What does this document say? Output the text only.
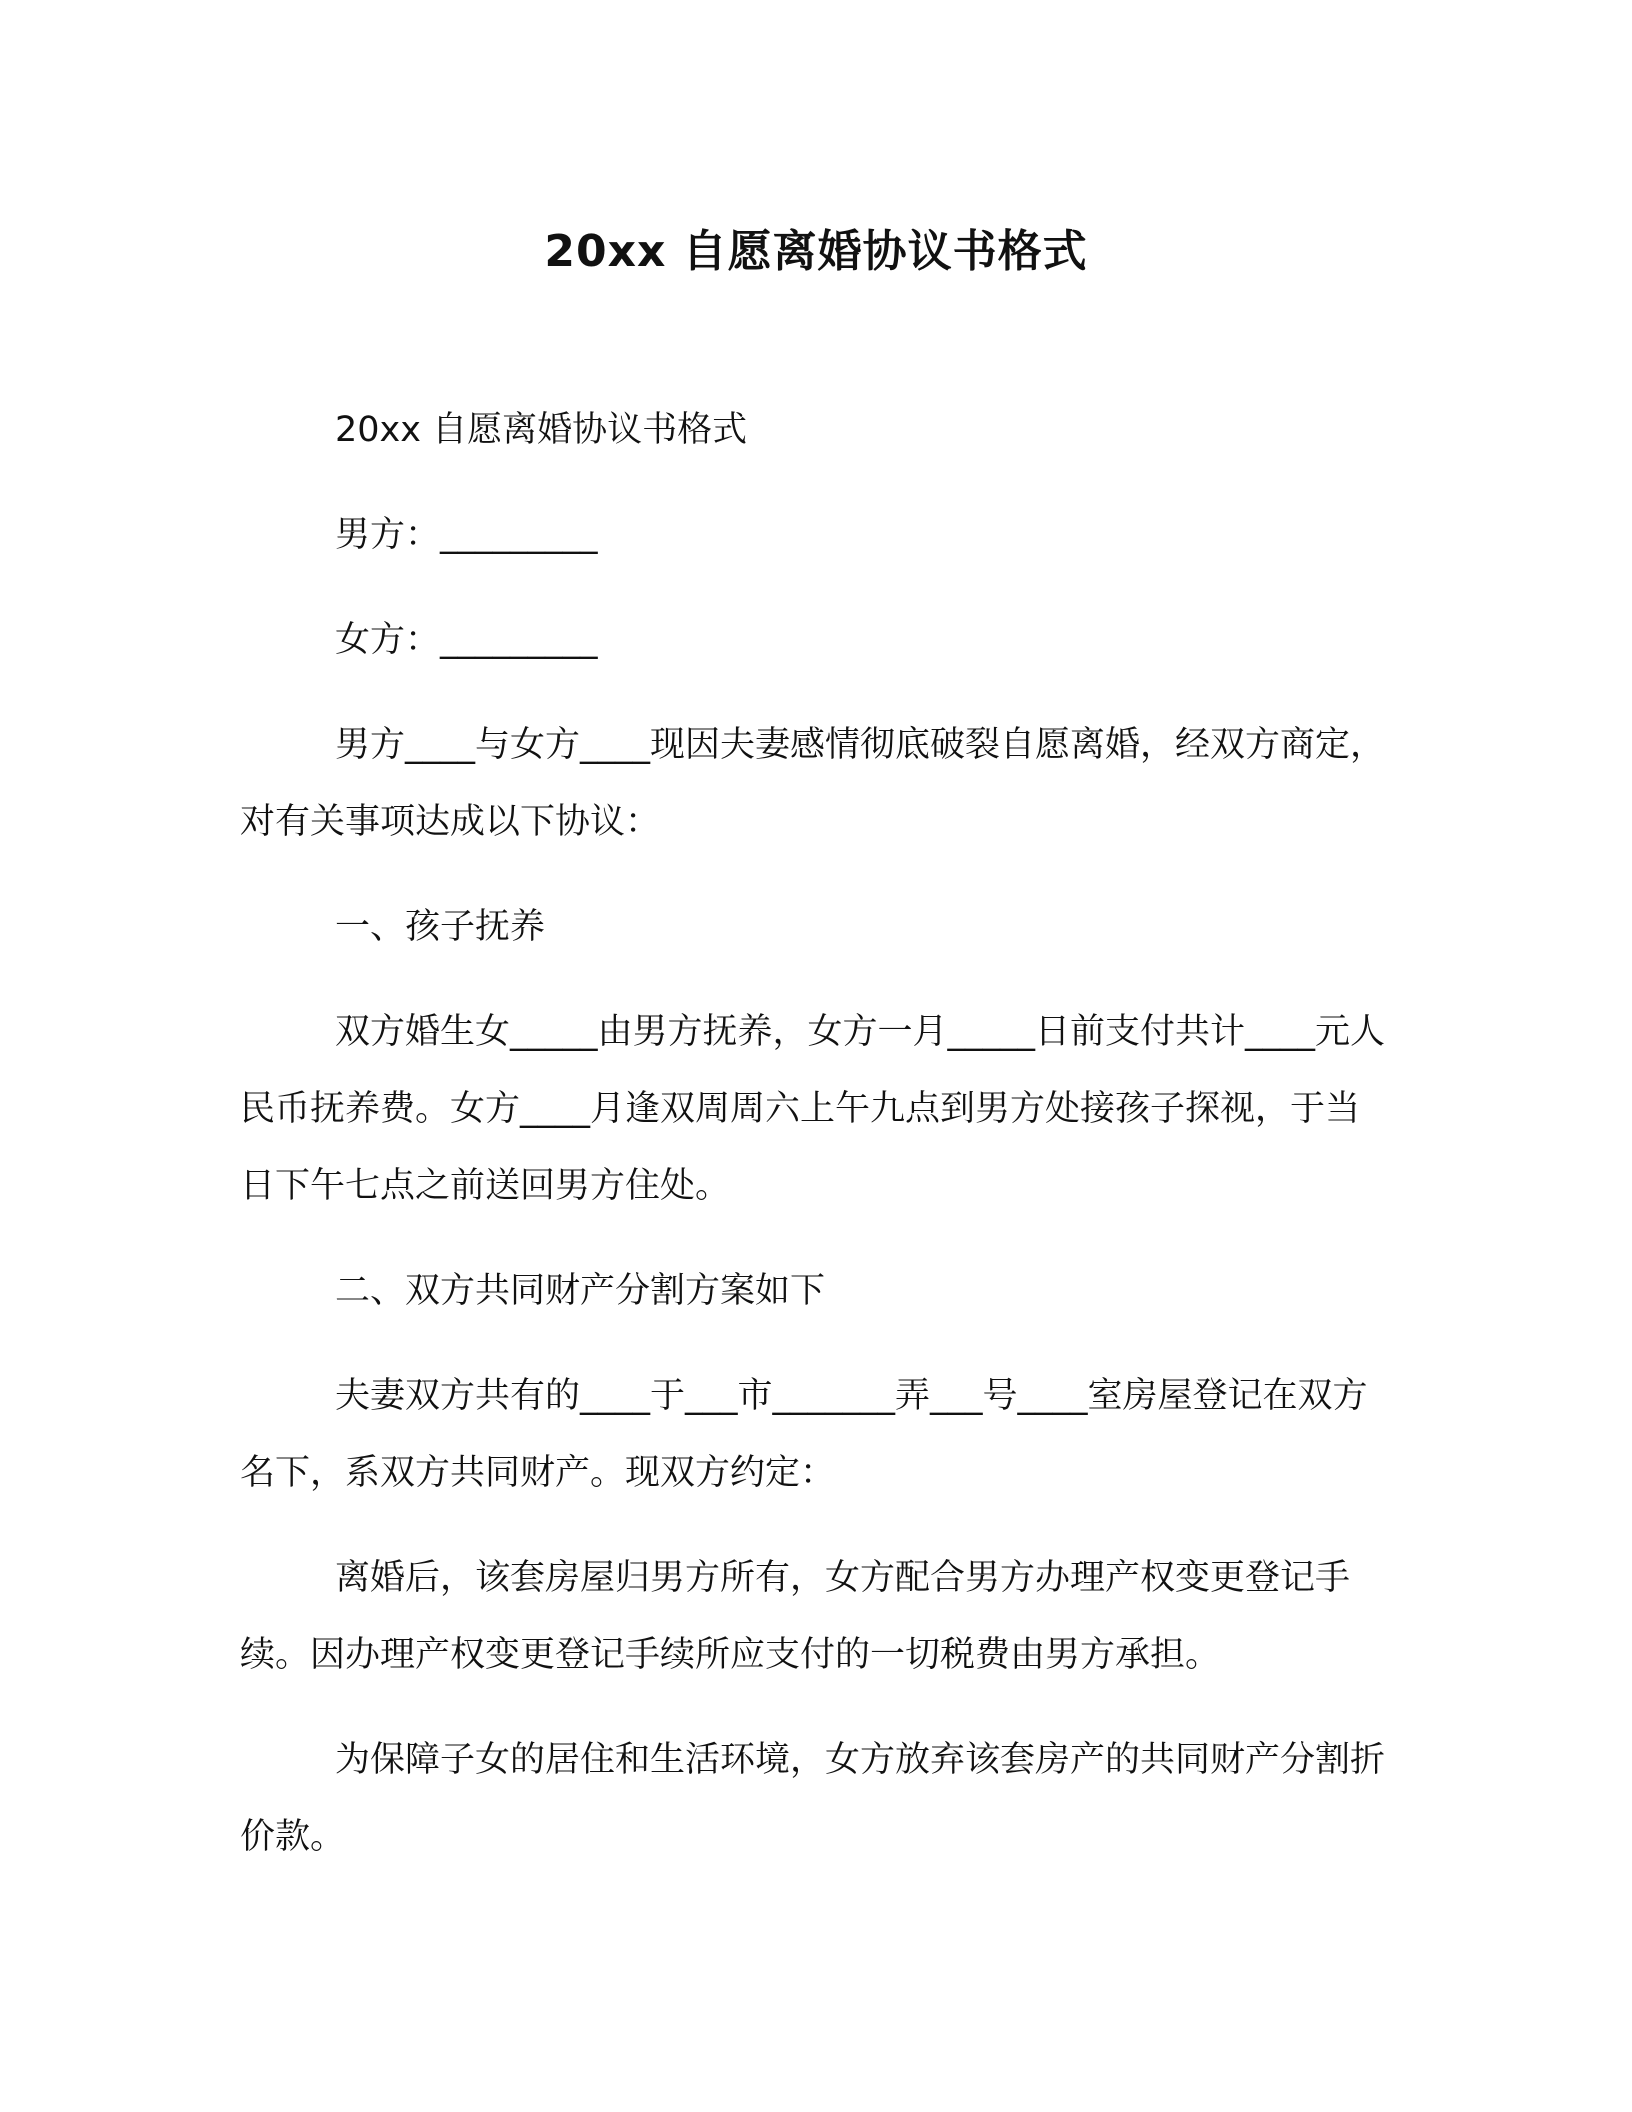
20xx 自愿离婚协议书格式

20xx 自愿离婚协议书格式

男方：_________

女方：_________

男方____与女方____现因夫妻感情彻底破裂自愿离婚，经双方商定，对有关事项达成以下协议：

一、孩子抚养

双方婚生女_____由男方抚养，女方一月_____日前支付共计____元人民币抚养费。女方____月逢双周周六上午九点到男方处接孩子探视，于当日下午七点之前送回男方住处。

二、双方共同财产分割方案如下

夫妻双方共有的____于___市_______弄___号____室房屋登记在双方名下，系双方共同财产。现双方约定：

离婚后，该套房屋归男方所有，女方配合男方办理产权变更登记手续。因办理产权变更登记手续所应支付的一切税费由男方承担。

为保障子女的居住和生活环境，女方放弃该套房产的共同财产分割折价款。
